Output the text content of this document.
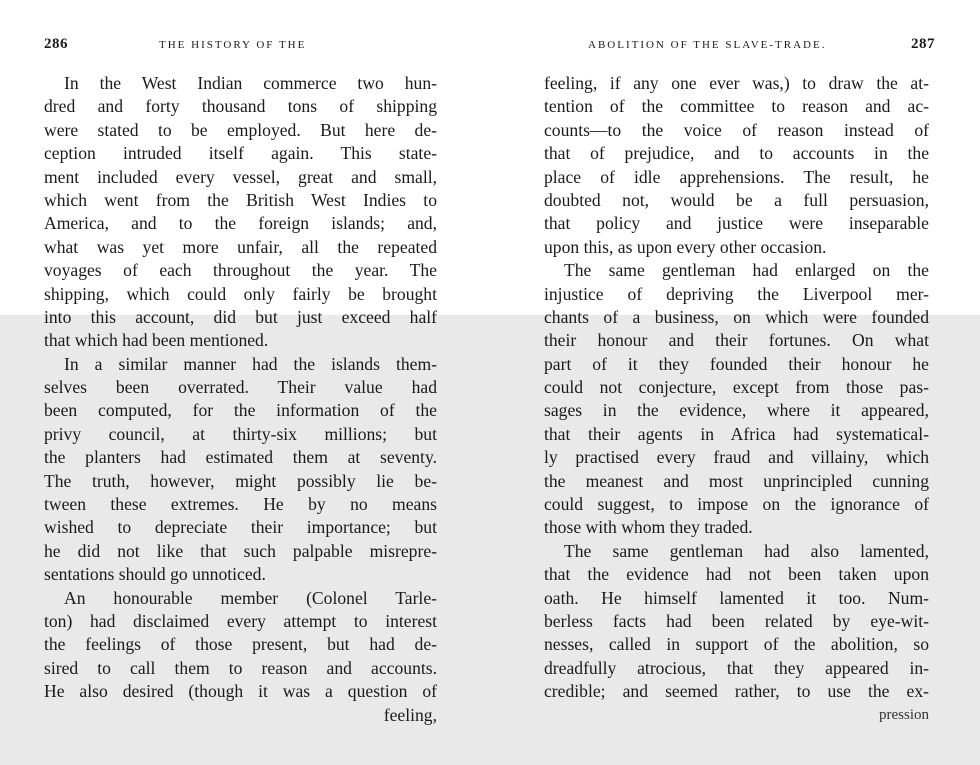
286	THE HISTORY OF THE
In the West Indian commerce two hun-
dred and forty thousand tons of shipping
were stated to be employed. But here de-
ception intruded itself again. This state-
ment included every vessel, great and small,
which went from the British West Indies to
America, and to the foreign islands; and,
what was yet more unfair, all the repeated
voyages of each throughout the year. The
shipping, which could only fairly be brought
into this account, did but just exceed half
that which had been mentioned.
In a similar manner had the islands them-
selves been overrated. Their value had
been computed, for the information of the
privy council, at thirty-six millions; but
the planters had estimated them at seventy.
The truth, however, might possibly lie be-
tween these extremes. He by no means
wished to depreciate their importance; but
he did not like that such palpable misrepre-
sentations should go unnoticed.
An honourable member (Colonel Tarle-
ton) had disclaimed every attempt to interest
the feelings of those present, but had de-
sired to call them to reason and accounts.
He also desired (though it was a question of
feeling,
ABOLITION OF THE SLAVE-TRADE.	287
feeling, if any one ever was,) to draw the at-
tention of the committee to reason and ac-
counts—to the voice of reason instead of
that of prejudice, and to accounts in the
place of idle apprehensions. The result, he
doubted not, would be a full persuasion,
that policy and justice were inseparable
upon this, as upon every other occasion.
The same gentleman had enlarged on the
injustice of depriving the Liverpool mer-
chants of a business, on which were founded
their honour and their fortunes. On what
part of it they founded their honour he
could not conjecture, except from those pas-
sages in the evidence, where it appeared,
that their agents in Africa had systematical-
ly practised every fraud and villainy, which
the meanest and most unprincipled cunning
could suggest, to impose on the ignorance of
those with whom they traded.
The same gentleman had also lamented,
that the evidence had not been taken upon
oath. He himself lamented it too. Num-
berless facts had been related by eye-wit-
nesses, called in support of the abolition, so
dreadfully atrocious, that they appeared in-
credible; and seemed rather, to use the ex-
pression
